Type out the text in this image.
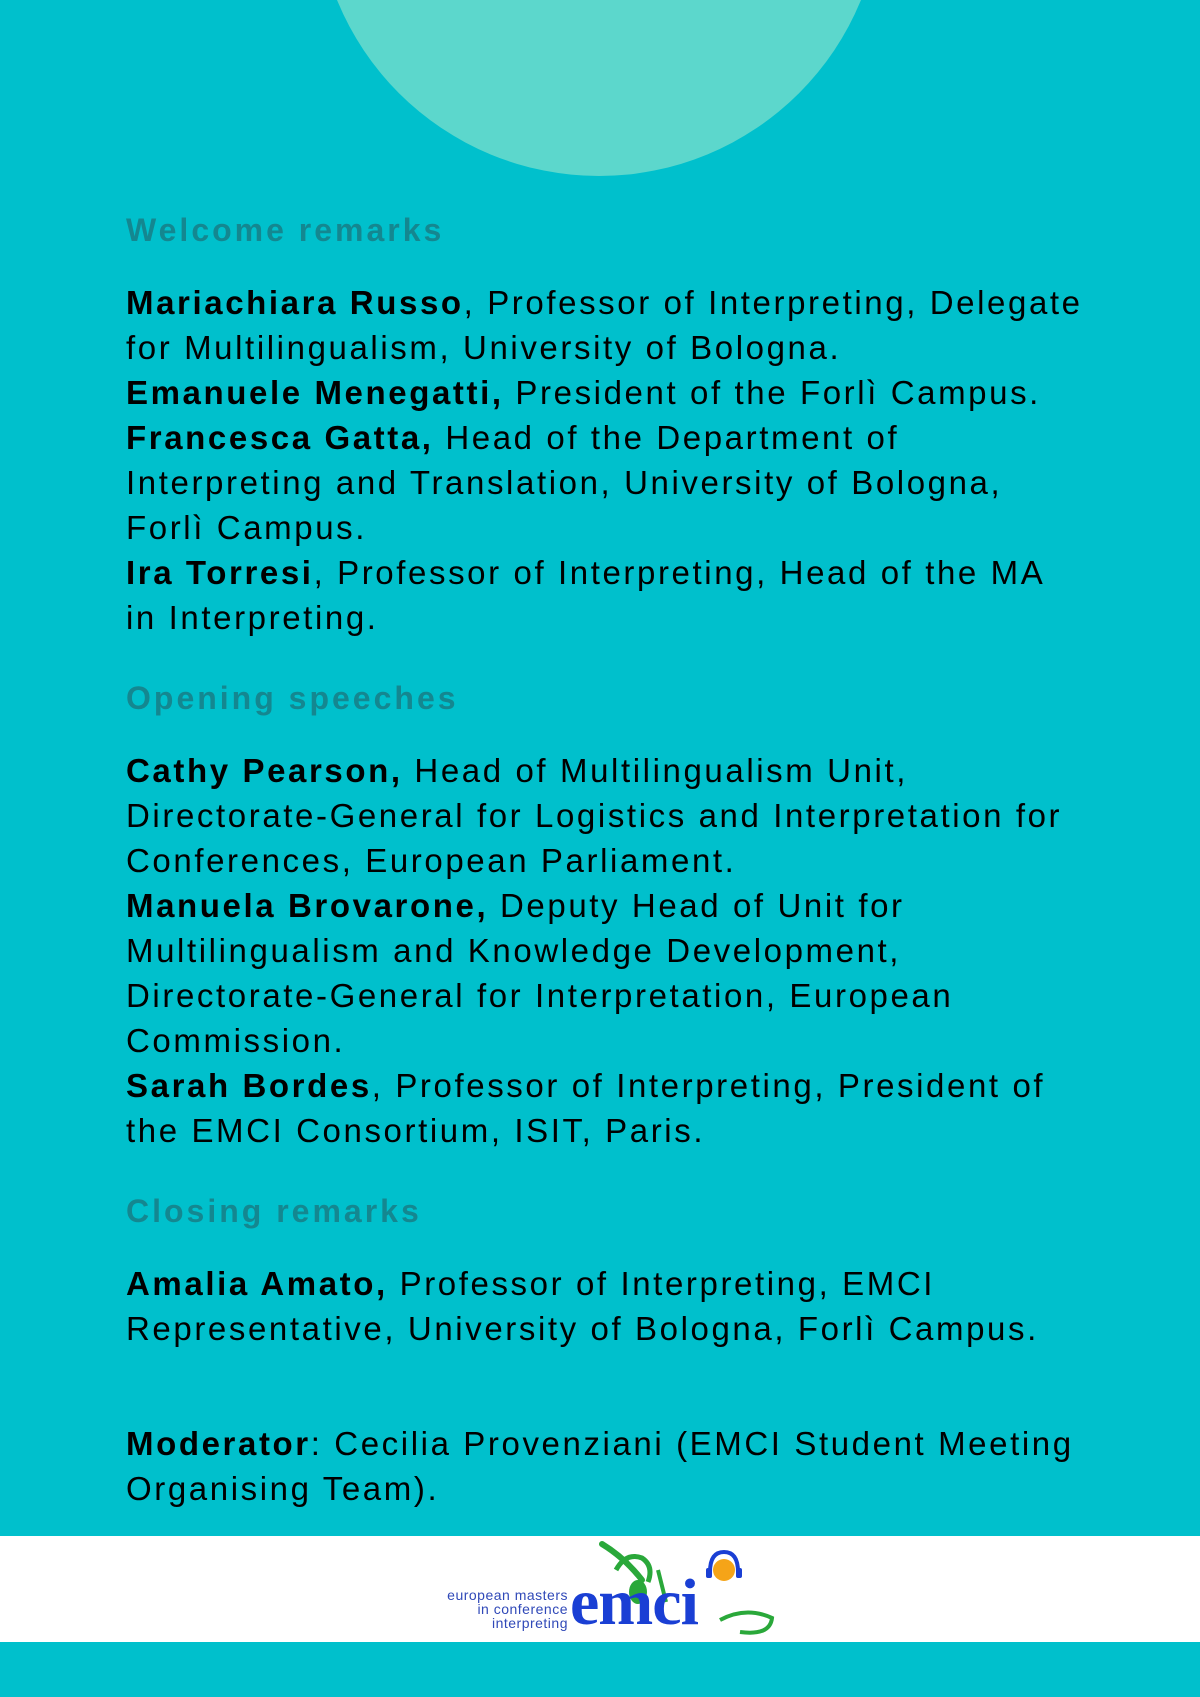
Welcome remarks

Mariachiara Russo, Professor of Interpreting, Delegate for Multilingualism, University of Bologna.

Emanuele Menegatti, President of the Forlì Campus.

Francesca Gatta, Head of the Department of Interpreting and Translation, University of Bologna, Forlì Campus.

Ira Torresi, Professor of Interpreting, Head of the MA in Interpreting.

Opening speeches

Cathy Pearson, Head of Multilingualism Unit, Directorate-General for Logistics and Interpretation for Conferences, European Parliament.

Manuela Brovarone, Deputy Head of Unit for Multilingualism and Knowledge Development, Directorate-General for Interpretation, European Commission.

Sarah Bordes, Professor of Interpreting, President of the EMCI Consortium, ISIT, Paris.

Closing remarks

Amalia Amato, Professor of Interpreting, EMCI Representative, University of Bologna, Forlì Campus.

Moderator: Cecilia Provenziani (EMCI Student Meeting Organising Team).

european masters
in conference
interpreting emci
